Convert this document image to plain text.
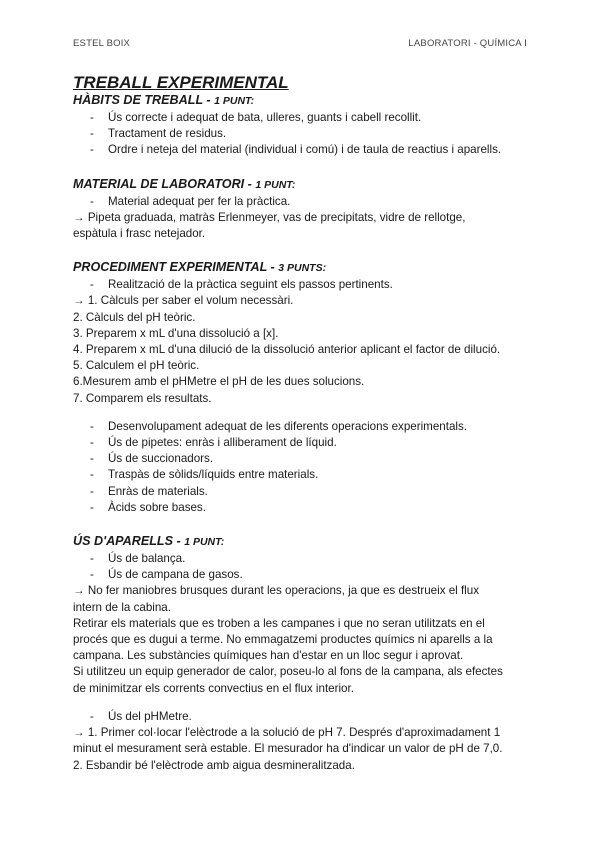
ESTEL BOIX	LABORATORI - QUÍMICA I
TREBALL EXPERIMENTAL
HÀBITS DE TREBALL - 1 PUNT:
- Ús correcte i adequat de bata, ulleres, guants i cabell recollit.
- Tractament de residus.
- Ordre i neteja del material (individual i comú) i de taula de reactius i aparells.
MATERIAL DE LABORATORI - 1 PUNT:
- Material adequat per fer la pràctica.

→ Pipeta graduada, matràs Erlenmeyer, vas de precipitats, vidre de rellotge,

espàtula i frasc netejador.

PROCEDIMENT EXPERIMENTAL - 3 PUNTS:
- Realització de la pràctica seguint els passos pertinents.

→ 1. Càlculs per saber el volum necessàri.

2. Càlculs del pH teòric.

3. Preparem x mL d'una dissolució a [x].

4. Preparem x mL d'una dilució de la dissolució anterior aplicant el factor de dilució.

5. Calculem el pH teòric.

6.Mesurem amb el pHMetre el pH de les dues solucions.

7. Comparem els resultats.

- Desenvolupament adequat de les diferents operacions experimentals.
- Ús de pipetes: enràs i alliberament de líquid.
- Ús de succionadors.
- Traspàs de sòlids/líquids entre materials.
- Enràs de materials.
- Àcids sobre bases.
ÚS D'APARELLS - 1 PUNT:
- Ús de balança.
- Ús de campana de gasos.

→ No fer maniobres brusques durant les operacions, ja que es destrueix el flux

intern de la cabina.

Retirar els materials que es troben a les campanes i que no seran utilitzats en el

procés que es dugui a terme. No emmagatzemi productes químics ni aparells a la

campana. Les substàncies químiques han d'estar en un lloc segur i aprovat.

Si utilitzeu un equip generador de calor, poseu-lo al fons de la campana, als efectes

de minimitzar els corrents convectius en el flux interior.

- Ús del pHMetre.

→ 1. Primer col·locar l'elèctrode a la solució de pH 7. Després d'aproximadament 1

minut el mesurament serà estable. El mesurador ha d'indicar un valor de pH de 7,0.

2. Esbandir bé l'elèctrode amb aigua desmineralitzada.
